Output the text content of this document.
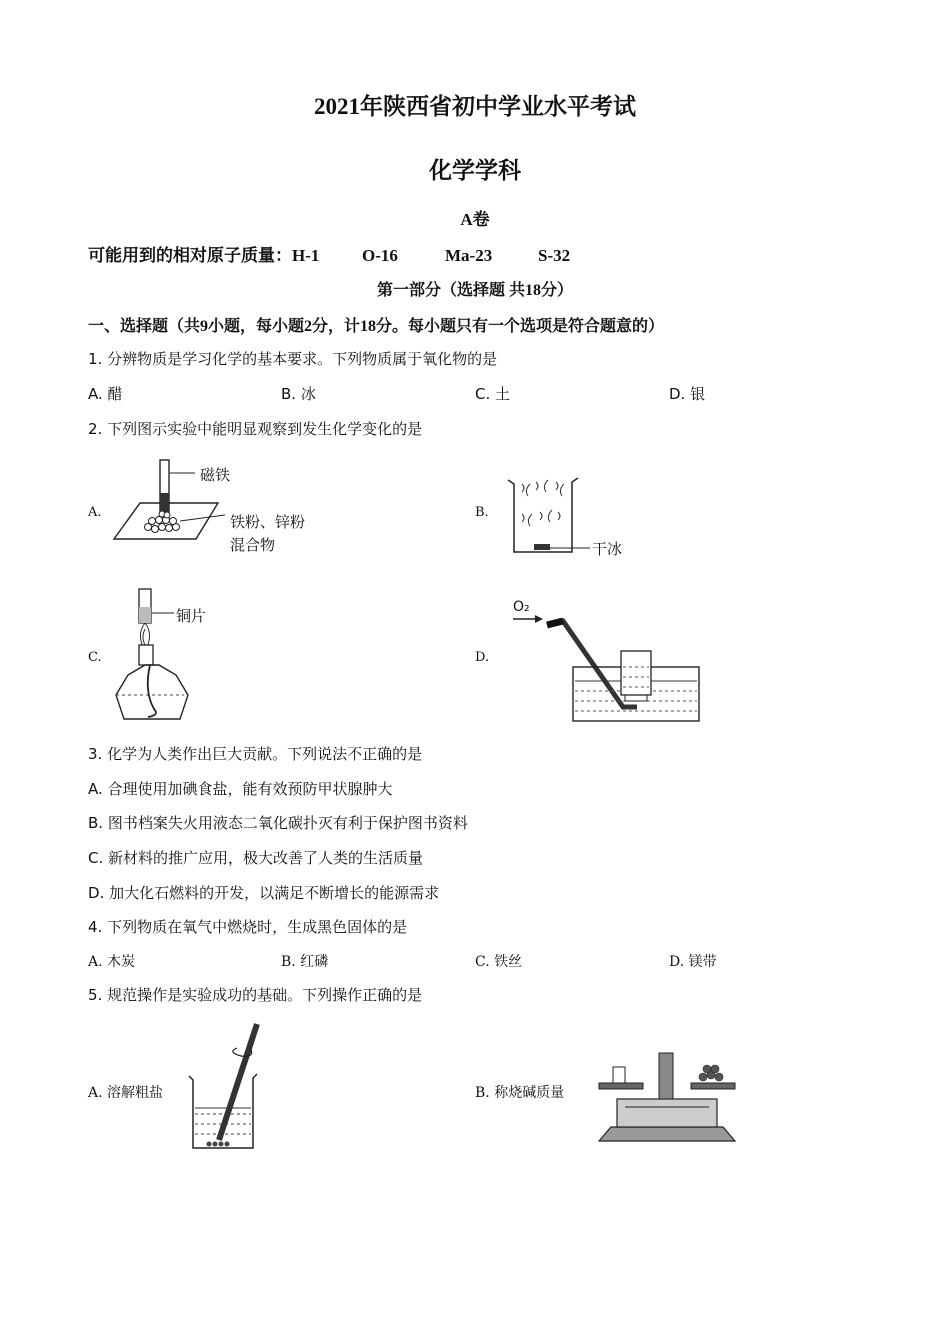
2021年陕西省初中学业水平考试
化学学科
A卷
可能用到的相对原子质量：H-1	O-16	Ma-23	S-32
第一部分（选择题 共18分）
一、选择题（共9小题，每小题2分，计18分。每小题只有一个选项是符合题意的）
1. 分辨物质是学习化学的基本要求。下列物质属于氧化物的是
A. 醋	B. 冰	C. 土	D. 银
2. 下列图示实验中能明显观察到发生化学变化的是
A.	B.
C.	D.
磁铁
铁粉、锌粉
混合物	干冰
铜片	O₂
3. 化学为人类作出巨大贡献。下列说法不正确的是
A. 合理使用加碘食盐，能有效预防甲状腺肿大
B. 图书档案失火用液态二氧化碳扑灭有利于保护图书资料
C. 新材料的推广应用，极大改善了人类的生活质量
D. 加大化石燃料的开发，以满足不断增长的能源需求
4. 下列物质在氧气中燃烧时，生成黑色固体的是
A. 木炭	B. 红磷	C. 铁丝	D. 镁带
5. 规范操作是实验成功的基础。下列操作正确的是
A. 溶解粗盐	B. 称烧碱质量
